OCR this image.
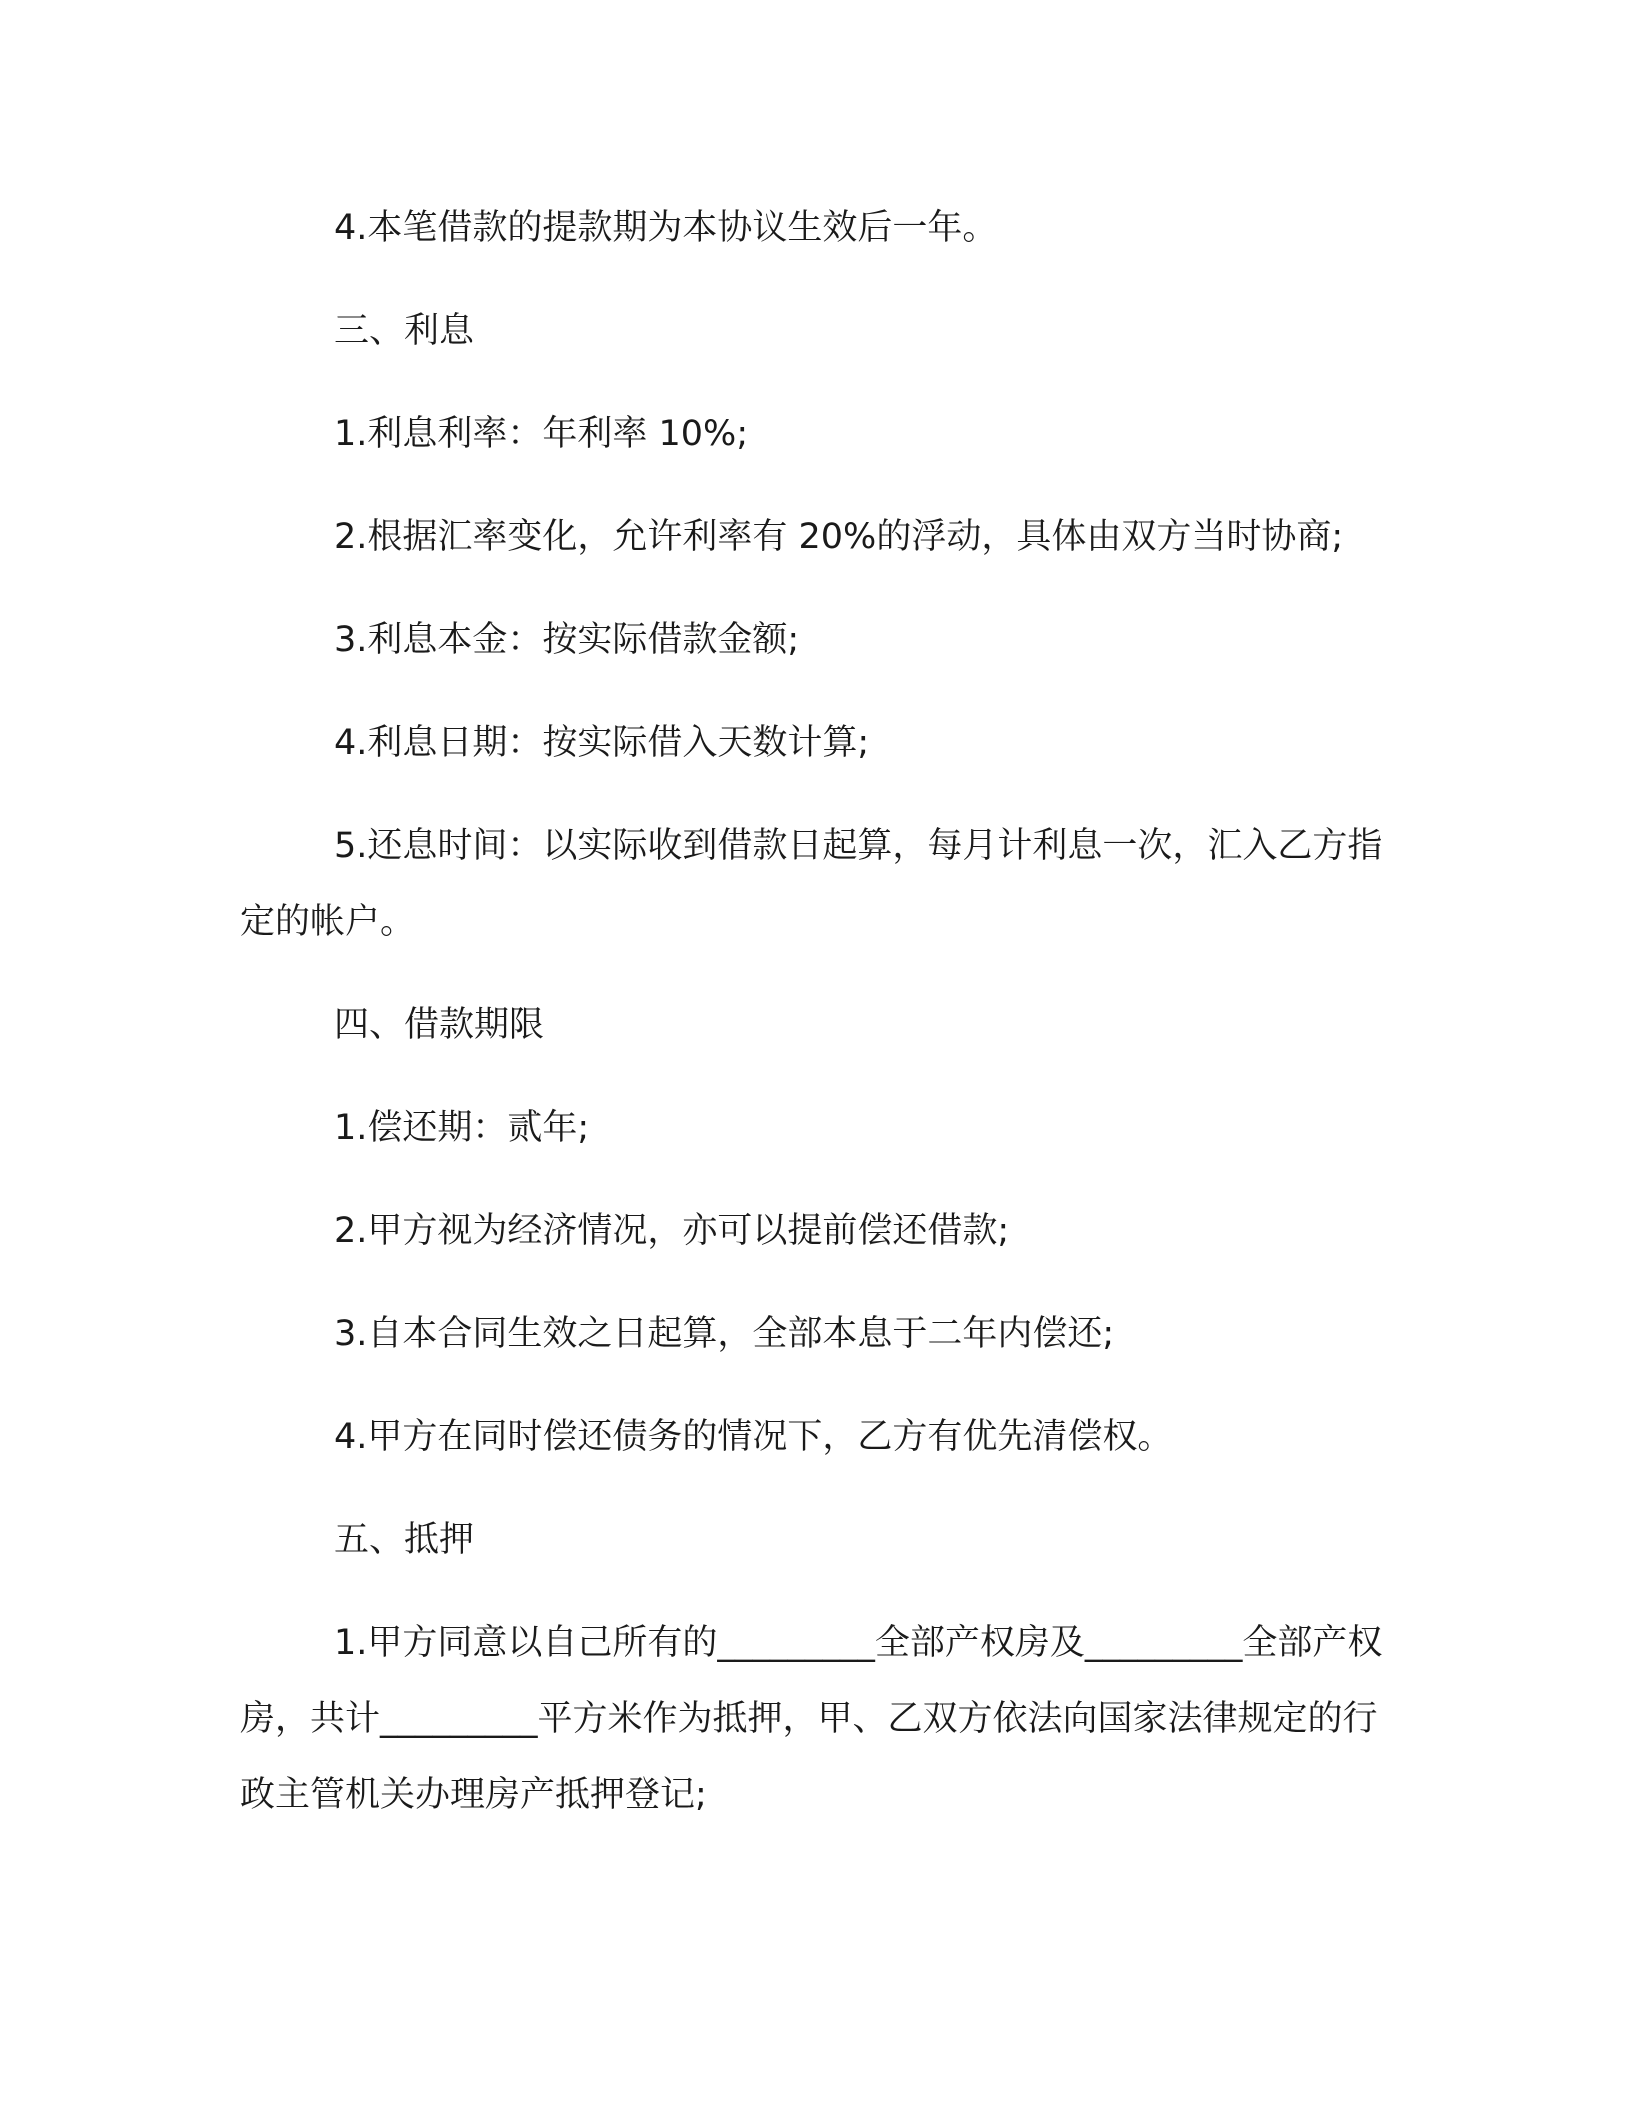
4.本笔借款的提款期为本协议生效后一年。

三、利息

1.利息利率：年利率 10%;

2.根据汇率变化，允许利率有 20%的浮动，具体由双方当时协商;

3.利息本金：按实际借款金额;

4.利息日期：按实际借入天数计算;

5.还息时间：以实际收到借款日起算，每月计利息一次，汇入乙方指定的帐户。

四、借款期限

1.偿还期：贰年;

2.甲方视为经济情况，亦可以提前偿还借款;

3.自本合同生效之日起算，全部本息于二年内偿还;

4.甲方在同时偿还债务的情况下，乙方有优先清偿权。

五、抵押

1.甲方同意以自己所有的_________全部产权房及_________全部产权房，共计_________平方米作为抵押，甲、乙双方依法向国家法律规定的行政主管机关办理房产抵押登记;
